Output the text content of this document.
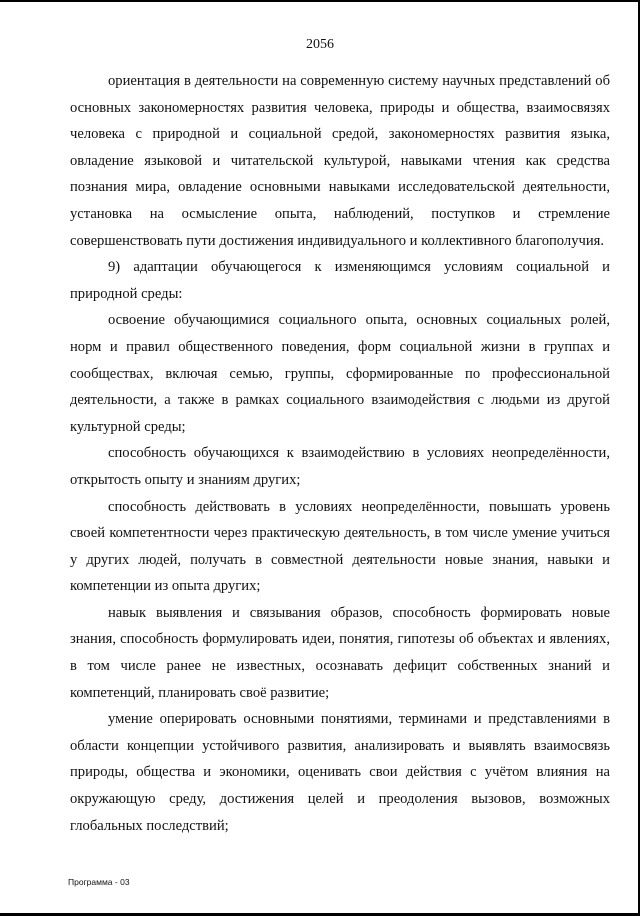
2056

ориентация в деятельности на современную систему научных представлений об основных закономерностях развития человека, природы и общества, взаимосвязях человека с природной и социальной средой, закономерностях развития языка, овладение языковой и читательской культурой, навыками чтения как средства познания мира, овладение основными навыками исследовательской деятельности, установка на осмысление опыта, наблюдений, поступков и стремление совершенствовать пути достижения индивидуального и коллективного благополучия.

9) адаптации обучающегося к изменяющимся условиям социальной и природной среды:

освоение обучающимися социального опыта, основных социальных ролей, норм и правил общественного поведения, форм социальной жизни в группах и сообществах, включая семью, группы, сформированные по профессиональной деятельности, а также в рамках социального взаимодействия с людьми из другой культурной среды;

способность обучающихся к взаимодействию в условиях неопределённости, открытость опыту и знаниям других;

способность действовать в условиях неопределённости, повышать уровень своей компетентности через практическую деятельность, в том числе умение учиться у других людей, получать в совместной деятельности новые знания, навыки и компетенции из опыта других;

навык выявления и связывания образов, способность формировать новые знания, способность формулировать идеи, понятия, гипотезы об объектах и явлениях, в том числе ранее не известных, осознавать дефицит собственных знаний и компетенций, планировать своё развитие;

умение оперировать основными понятиями, терминами и представлениями в области концепции устойчивого развития, анализировать и выявлять взаимосвязь природы, общества и экономики, оценивать свои действия с учётом влияния на окружающую среду, достижения целей и преодоления вызовов, возможных глобальных последствий;

Программа - 03
